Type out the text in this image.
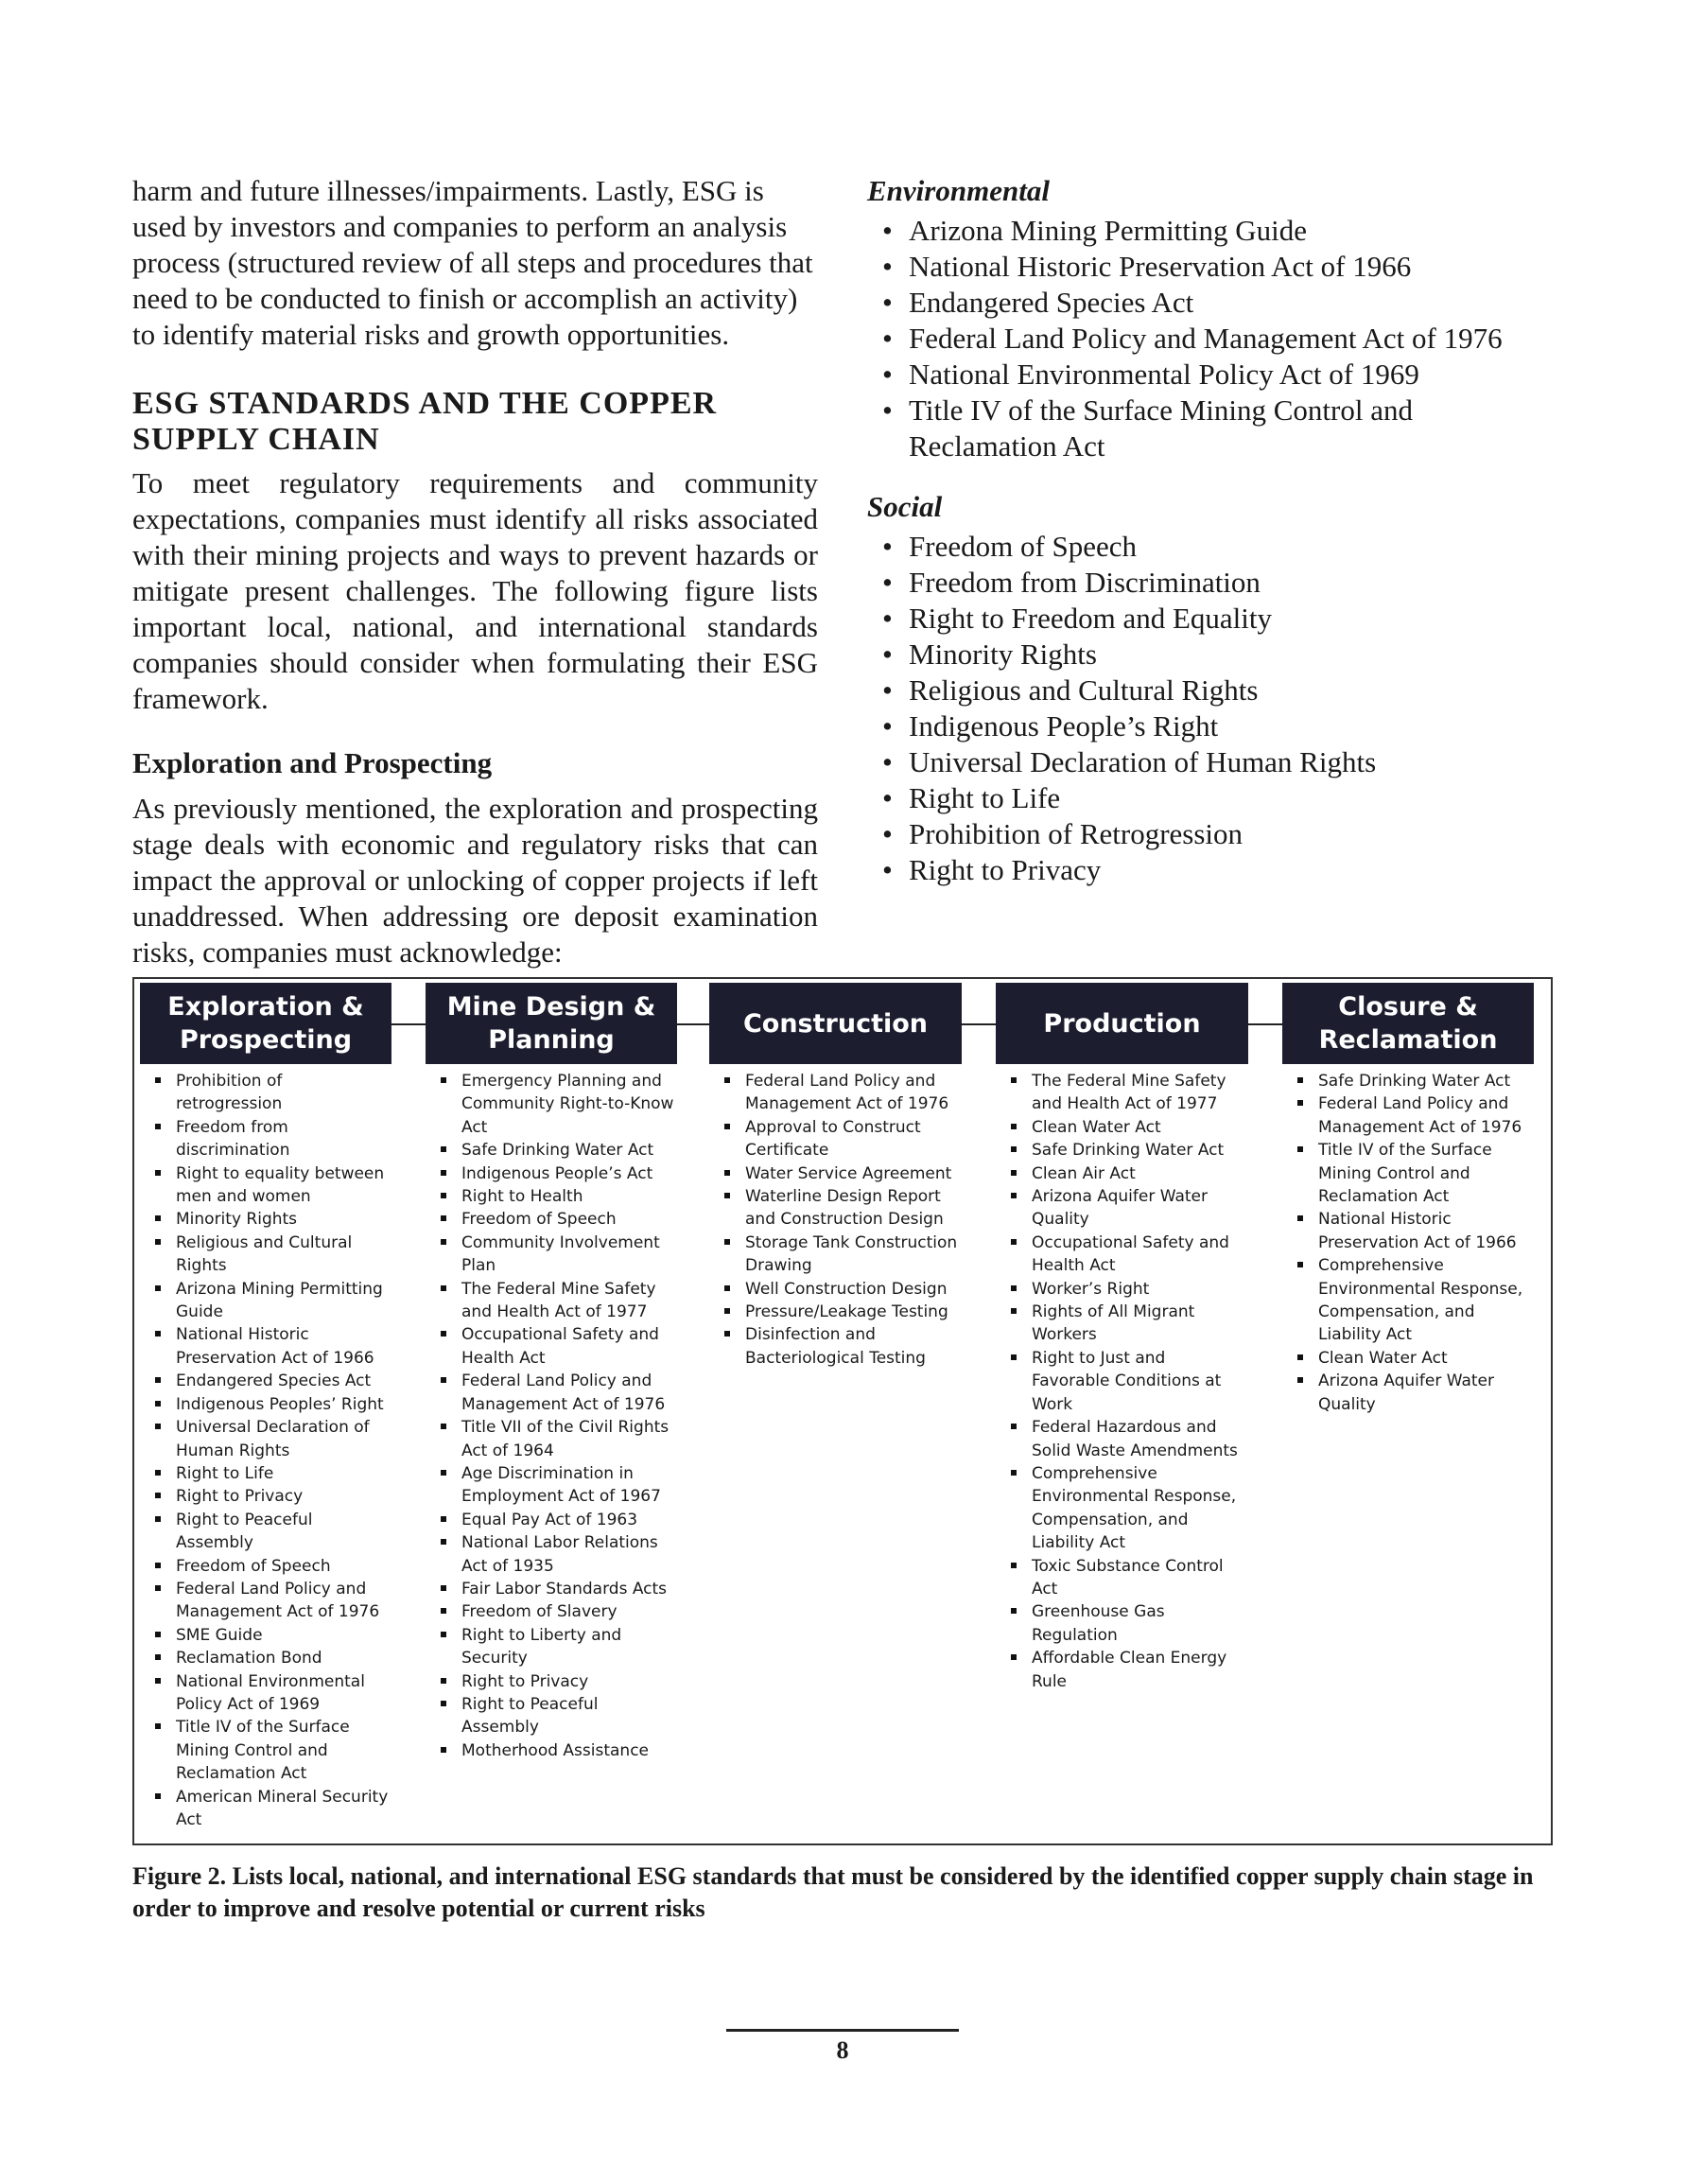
harm and future illnesses/impairments. Lastly, ESG is used by investors and companies to perform an analysis process (structured review of all steps and procedures that need to be conducted to finish or accomplish an activity) to identify material risks and growth opportunities.

ESG STANDARDS AND THE COPPER SUPPLY CHAIN

To meet regulatory requirements and community expectations, companies must identify all risks associated with their mining projects and ways to prevent hazards or mitigate present challenges. The following figure lists important local, national, and international standards companies should consider when formulating their ESG framework.

Exploration and Prospecting

As previously mentioned, the exploration and prospecting stage deals with economic and regulatory risks that can impact the approval or unlocking of copper projects if left unaddressed. When addressing ore deposit examination risks, companies must acknowledge:

Environmental
• Arizona Mining Permitting Guide
• National Historic Preservation Act of 1966
• Endangered Species Act
• Federal Land Policy and Management Act of 1976
• National Environmental Policy Act of 1969
• Title IV of the Surface Mining Control and Reclamation Act
Social
• Freedom of Speech
• Freedom from Discrimination
• Right to Freedom and Equality
• Minority Rights
• Religious and Cultural Rights
• Indigenous People’s Right
• Universal Declaration of Human Rights
• Right to Life
• Prohibition of Retrogression
• Right to Privacy
Exploration & Prospecting
Prohibition of retrogression
Freedom from discrimination
Right to equality between men and women
Minority Rights
Religious and Cultural Rights
Arizona Mining Permitting Guide
National Historic Preservation Act of 1966
Endangered Species Act
Indigenous Peoples’ Right
Universal Declaration of Human Rights
Right to Life
Right to Privacy
Right to Peaceful Assembly
Freedom of Speech
Federal Land Policy and Management Act of 1976
SME Guide
Reclamation Bond
National Environmental Policy Act of 1969
Title IV of the Surface Mining Control and Reclamation Act
American Mineral Security Act
Mine Design & Planning
Emergency Planning and Community Right-to-Know Act
Safe Drinking Water Act
Indigenous People’s Act
Right to Health
Freedom of Speech
Community Involvement Plan
The Federal Mine Safety and Health Act of 1977
Occupational Safety and Health Act
Federal Land Policy and Management Act of 1976
Title VII of the Civil Rights Act of 1964
Age Discrimination in Employment Act of 1967
Equal Pay Act of 1963
National Labor Relations Act of 1935
Fair Labor Standards Acts
Freedom of Slavery
Right to Liberty and Security
Right to Privacy
Right to Peaceful Assembly
Motherhood Assistance
Construction
Federal Land Policy and Management Act of 1976
Approval to Construct Certificate
Water Service Agreement
Waterline Design Report and Construction Design
Storage Tank Construction Drawing
Well Construction Design
Pressure/Leakage Testing
Disinfection and Bacteriological Testing
Production
The Federal Mine Safety and Health Act of 1977
Clean Water Act
Safe Drinking Water Act
Clean Air Act
Arizona Aquifer Water Quality
Occupational Safety and Health Act
Worker’s Right
Rights of All Migrant Workers
Right to Just and Favorable Conditions at Work
Federal Hazardous and Solid Waste Amendments
Comprehensive Environmental Response, Compensation, and Liability Act
Toxic Substance Control Act
Greenhouse Gas Regulation
Affordable Clean Energy Rule
Closure & Reclamation
Safe Drinking Water Act
Federal Land Policy and Management Act of 1976
Title IV of the Surface Mining Control and Reclamation Act
National Historic Preservation Act of 1966
Comprehensive Environmental Response, Compensation, and Liability Act
Clean Water Act
Arizona Aquifer Water Quality

Figure 2. Lists local, national, and international ESG standards that must be considered by the identified copper supply chain stage in order to improve and resolve potential or current risks

8
